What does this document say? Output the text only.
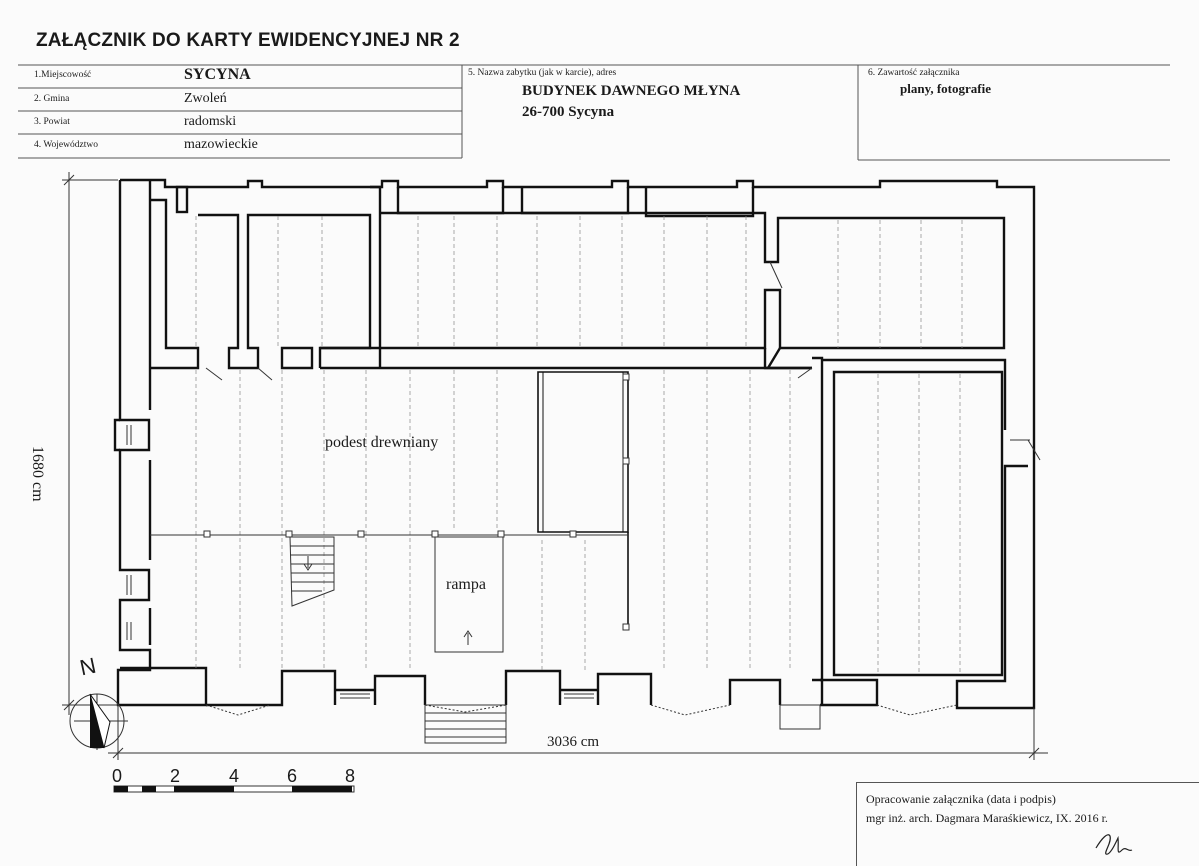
ZAŁĄCZNIK DO KARTY EWIDENCYJNEJ NR 2
1.Miejscowość	SYCYNA
2. Gmina	Zwoleń
3. Powiat	radomski
4. Województwo	mazowieckie
5. Nazwa zabytku (jak w karcie), adres
BUDYNEK DAWNEGO MŁYNA
26-700 Sycyna
6. Zawartość załącznika
plany, fotografie
podest drewniany
rampa
1680 cm
3036 cm
N
0	2	4	6	8
Opracowanie załącznika (data i podpis)
mgr inż. arch. Dagmara Maraśkiewicz, IX. 2016 r.
